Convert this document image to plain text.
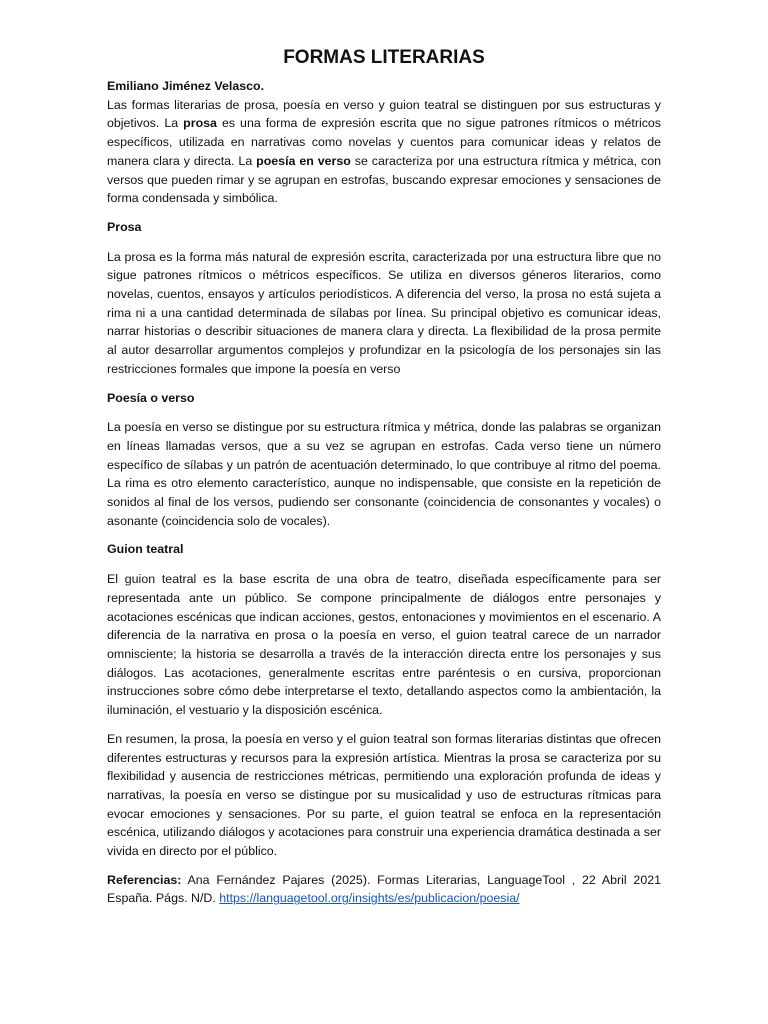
FORMAS LITERARIAS

Emiliano Jiménez Velasco.

Las formas literarias de prosa, poesía en verso y guion teatral se distinguen por sus estructuras y objetivos. La prosa es una forma de expresión escrita que no sigue patrones rítmicos o métricos específicos, utilizada en narrativas como novelas y cuentos para comunicar ideas y relatos de manera clara y directa. La poesía en verso se caracteriza por una estructura rítmica y métrica, con versos que pueden rimar y se agrupan en estrofas, buscando expresar emociones y sensaciones de forma condensada y simbólica.

Prosa

La prosa es la forma más natural de expresión escrita, caracterizada por una estructura libre que no sigue patrones rítmicos o métricos específicos. Se utiliza en diversos géneros literarios, como novelas, cuentos, ensayos y artículos periodísticos. A diferencia del verso, la prosa no está sujeta a rima ni a una cantidad determinada de sílabas por línea. Su principal objetivo es comunicar ideas, narrar historias o describir situaciones de manera clara y directa. La flexibilidad de la prosa permite al autor desarrollar argumentos complejos y profundizar en la psicología de los personajes sin las restricciones formales que impone la poesía en verso

Poesía o verso

La poesía en verso se distingue por su estructura rítmica y métrica, donde las palabras se organizan en líneas llamadas versos, que a su vez se agrupan en estrofas. Cada verso tiene un número específico de sílabas y un patrón de acentuación determinado, lo que contribuye al ritmo del poema. La rima es otro elemento característico, aunque no indispensable, que consiste en la repetición de sonidos al final de los versos, pudiendo ser consonante (coincidencia de consonantes y vocales) o asonante (coincidencia solo de vocales).

Guion teatral

El guion teatral es la base escrita de una obra de teatro, diseñada específicamente para ser representada ante un público. Se compone principalmente de diálogos entre personajes y acotaciones escénicas que indican acciones, gestos, entonaciones y movimientos en el escenario. A diferencia de la narrativa en prosa o la poesía en verso, el guion teatral carece de un narrador omnisciente; la historia se desarrolla a través de la interacción directa entre los personajes y sus diálogos. Las acotaciones, generalmente escritas entre paréntesis o en cursiva, proporcionan instrucciones sobre cómo debe interpretarse el texto, detallando aspectos como la ambientación, la iluminación, el vestuario y la disposición escénica.

En resumen, la prosa, la poesía en verso y el guion teatral son formas literarias distintas que ofrecen diferentes estructuras y recursos para la expresión artística. Mientras la prosa se caracteriza por su flexibilidad y ausencia de restricciones métricas, permitiendo una exploración profunda de ideas y narrativas, la poesía en verso se distingue por su musicalidad y uso de estructuras rítmicas para evocar emociones y sensaciones. Por su parte, el guion teatral se enfoca en la representación escénica, utilizando diálogos y acotaciones para construir una experiencia dramática destinada a ser vivida en directo por el público.

Referencias: Ana Fernández Pajares (2025). Formas Literarias, LanguageTool , 22 Abril 2021 España. Págs. N/D. https://languagetool.org/insights/es/publicacion/poesia/
